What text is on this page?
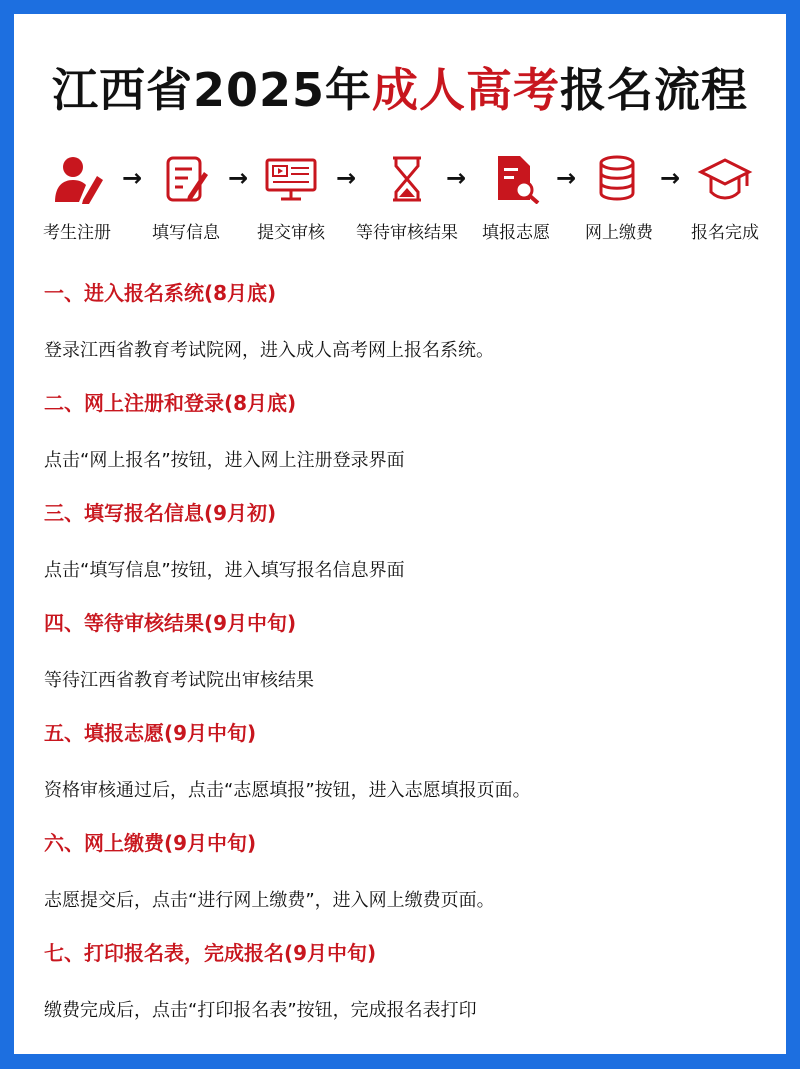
江西省2025年成人高考报名流程
考生注册
→
填写信息
→
提交审核
→
等待审核结果
→
填报志愿
→
网上缴费
→
报名完成
一、进入报名系统(8月底)
登录江西省教育考试院网，进入成人高考网上报名系统。
二、网上注册和登录(8月底)
点击“网上报名”按钮，进入网上注册登录界面
三、填写报名信息(9月初)
点击“填写信息”按钮，进入填写报名信息界面
四、等待审核结果(9月中旬)
等待江西省教育考试院出审核结果
五、填报志愿(9月中旬)
资格审核通过后，点击“志愿填报”按钮，进入志愿填报页面。
六、网上缴费(9月中旬)
志愿提交后，点击“进行网上缴费”，进入网上缴费页面。
七、打印报名表，完成报名(9月中旬)
缴费完成后，点击“打印报名表”按钮，完成报名表打印
